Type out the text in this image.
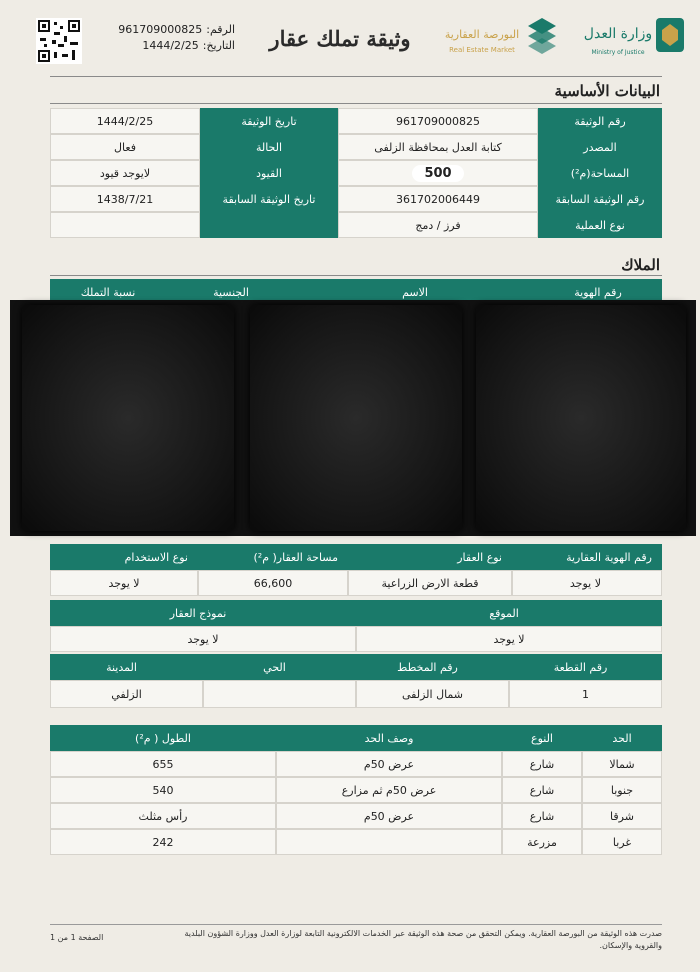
وزارة العدل
Ministry of Justice
البورصة العقارية
Real Estate Market
وثيقة تملك عقار
الرقم:
961709000825
التاريخ:
1444/2/25
البيانات الأساسية
رقم الوثيقة
961709000825
تاريخ الوثيقة
1444/2/25
المصدر
كتابة العدل بمحافظة الزلفى
الحالة
فعال
المساحة(م²)
500
القيود
لايوجد قيود
رقم الوثيقة السابقة
361702006449
تاريخ الوثيقة السابقة
1438/7/21
نوع العملية
فرز / دمج
الملاك
رقم الهوية
الاسم
الجنسية
نسبة التملك
رقم الهوية العقارية
نوع العقار
مساحة العقار( م²)
نوع الاستخدام
لا يوجد
قطعة الارض الزراعية
66,600
لا يوجد
الموقع
نموذج العقار
لا يوجد
لا يوجد
رقم القطعة
رقم المخطط
الحي
المدينة
1
شمال الزلفى
الزلفي
الحد
النوع
وصف الحد
الطول ( م²)
شمالا
شارع
عرض 50م
655
جنوبا
شارع
عرض 50م ثم مزارع
540
شرقا
شارع
عرض 50م
رأس مثلث
غربا
مزرعة
242
صدرت هذه الوثيقة من البورصة العقارية. ويمكن التحقق من صحة هذه الوثيقة عبر الخدمات الالكترونية التابعة لوزارة العدل ووزارة الشؤون البلدية والقروية والإسكان.
الصفحة 1 من 1
